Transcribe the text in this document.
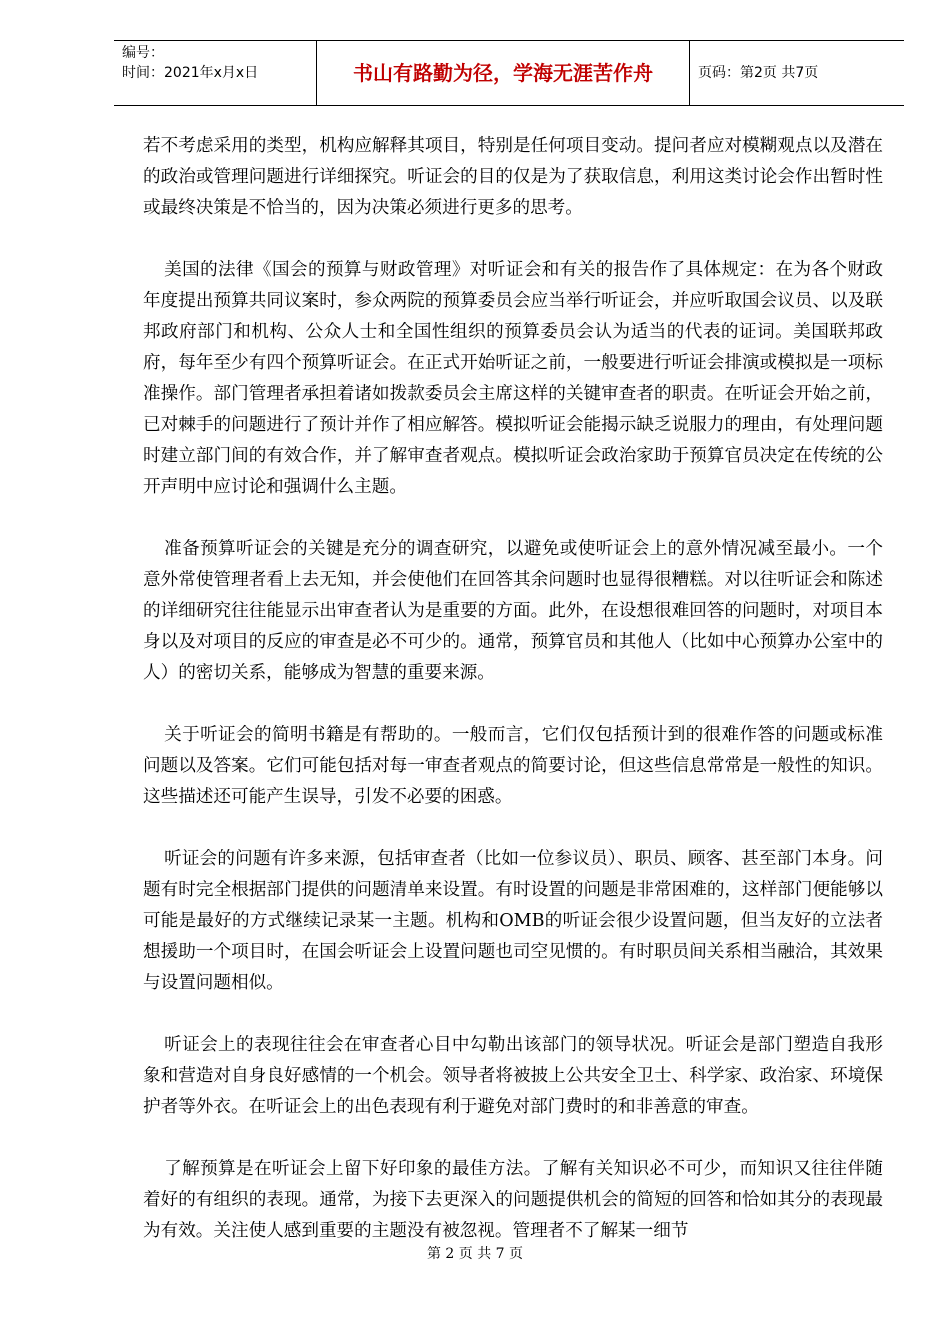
编号：
时间：2021年x月x日	书山有路勤为径，学海无涯苦作舟	页码：第2页 共7页

若不考虑采用的类型，机构应解释其项目，特别是任何项目变动。提问者应对模糊观点以及潜在的政治或管理问题进行详细探究。听证会的目的仅是为了获取信息，利用这类讨论会作出暂时性或最终决策是不恰当的，因为决策必须进行更多的思考。

美国的法律《国会的预算与财政管理》对听证会和有关的报告作了具体规定：在为各个财政年度提出预算共同议案时，参众两院的预算委员会应当举行听证会，并应听取国会议员、以及联邦政府部门和机构、公众人士和全国性组织的预算委员会认为适当的代表的证词。美国联邦政府，每年至少有四个预算听证会。在正式开始听证之前，一般要进行听证会排演或模拟是一项标准操作。部门管理者承担着诸如拨款委员会主席这样的关键审查者的职责。在听证会开始之前，已对棘手的问题进行了预计并作了相应解答。模拟听证会能揭示缺乏说服力的理由，有处理问题时建立部门间的有效合作，并了解审查者观点。模拟听证会政治家助于预算官员决定在传统的公开声明中应讨论和强调什么主题。

准备预算听证会的关键是充分的调查研究，以避免或使听证会上的意外情况减至最小。一个意外常使管理者看上去无知，并会使他们在回答其余问题时也显得很糟糕。对以往听证会和陈述的详细研究往往能显示出审查者认为是重要的方面。此外，在设想很难回答的问题时，对项目本身以及对项目的反应的审查是必不可少的。通常，预算官员和其他人（比如中心预算办公室中的人）的密切关系，能够成为智慧的重要来源。

关于听证会的简明书籍是有帮助的。一般而言，它们仅包括预计到的很难作答的问题或标准问题以及答案。它们可能包括对每一审查者观点的简要讨论，但这些信息常常是一般性的知识。这些描述还可能产生误导，引发不必要的困惑。

听证会的问题有许多来源，包括审查者（比如一位参议员）、职员、顾客、甚至部门本身。问题有时完全根据部门提供的问题清单来设置。有时设置的问题是非常困难的，这样部门便能够以可能是最好的方式继续记录某一主题。机构和OMB的听证会很少设置问题，但当友好的立法者想援助一个项目时，在国会听证会上设置问题也司空见惯的。有时职员间关系相当融洽，其效果与设置问题相似。

听证会上的表现往往会在审查者心目中勾勒出该部门的领导状况。听证会是部门塑造自我形象和营造对自身良好感情的一个机会。领导者将被披上公共安全卫士、科学家、政治家、环境保护者等外衣。在听证会上的出色表现有利于避免对部门费时的和非善意的审查。

了解预算是在听证会上留下好印象的最佳方法。了解有关知识必不可少，而知识又往往伴随着好的有组织的表现。通常，为接下去更深入的问题提供机会的简短的回答和恰如其分的表现最为有效。关注使人感到重要的主题没有被忽视。管理者不了解某一细节

第 2 页 共 7 页
